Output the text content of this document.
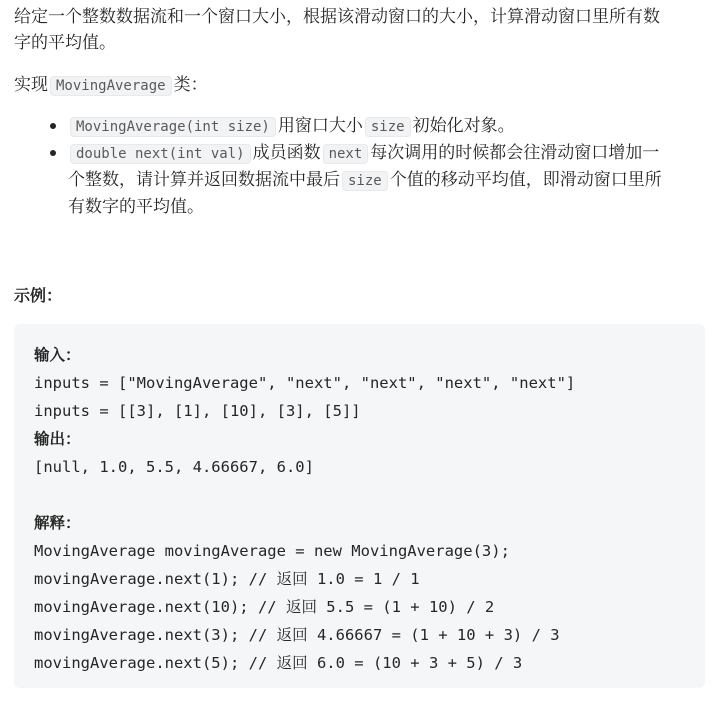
给定一个整数数据流和一个窗口大小，根据该滑动窗口的大小，计算滑动窗口里所有数
字的平均值。

实现 MovingAverage 类：

MovingAverage(int size) 用窗口大小 size 初始化对象。
double next(int val) 成员函数 next 每次调用的时候都会往滑动窗口增加一
个整数，请计算并返回数据流中最后 size 个值的移动平均值，即滑动窗口里所
有数字的平均值。

示例：

输入：
inputs = ["MovingAverage", "next", "next", "next", "next"]
inputs = [[3], [1], [10], [3], [5]]
输出：
[null, 1.0, 5.5, 4.66667, 6.0]
解释：
MovingAverage movingAverage = new MovingAverage(3);
movingAverage.next(1); // 返回 1.0 = 1 / 1
movingAverage.next(10); // 返回 5.5 = (1 + 10) / 2
movingAverage.next(3); // 返回 4.66667 = (1 + 10 + 3) / 3
movingAverage.next(5); // 返回 6.0 = (10 + 3 + 5) / 3
